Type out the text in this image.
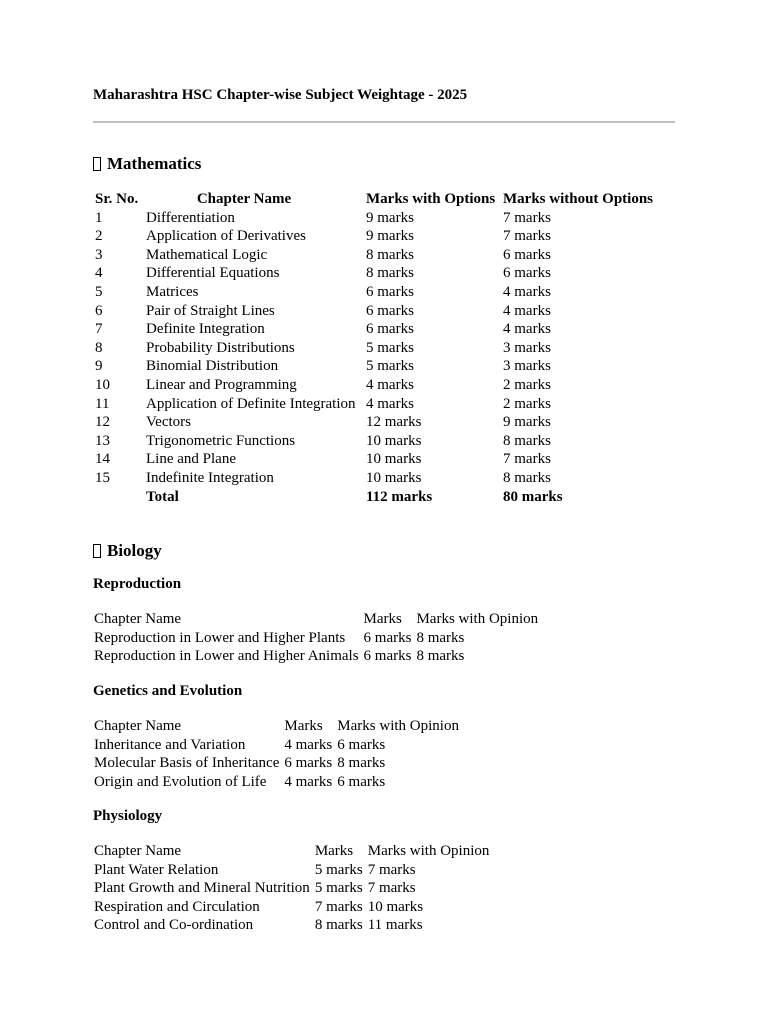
Maharashtra HSC Chapter-wise Subject Weightage - 2025
Mathematics
Sr. No.	Chapter Name	Marks with Options	Marks without Options
1	Differentiation	9 marks	7 marks
2	Application of Derivatives	9 marks	7 marks
3	Mathematical Logic	8 marks	6 marks
4	Differential Equations	8 marks	6 marks
5	Matrices	6 marks	4 marks
6	Pair of Straight Lines	6 marks	4 marks
7	Definite Integration	6 marks	4 marks
8	Probability Distributions	5 marks	3 marks
9	Binomial Distribution	5 marks	3 marks
10	Linear and Programming	4 marks	2 marks
11	Application of Definite Integration	4 marks	2 marks
12	Vectors	12 marks	9 marks
13	Trigonometric Functions	10 marks	8 marks
14	Line and Plane	10 marks	7 marks
15	Indefinite Integration	10 marks	8 marks
	Total	112 marks	80 marks
Biology
Reproduction
Chapter Name	Marks	Marks with Opinion
Reproduction in Lower and Higher Plants	6 marks	8 marks
Reproduction in Lower and Higher Animals	6 marks	8 marks
Genetics and Evolution
Chapter Name	Marks	Marks with Opinion
Inheritance and Variation	4 marks	6 marks
Molecular Basis of Inheritance	6 marks	8 marks
Origin and Evolution of Life	4 marks	6 marks
Physiology
Chapter Name	Marks	Marks with Opinion
Plant Water Relation	5 marks	7 marks
Plant Growth and Mineral Nutrition	5 marks	7 marks
Respiration and Circulation	7 marks	10 marks
Control and Co-ordination	8 marks	11 marks
